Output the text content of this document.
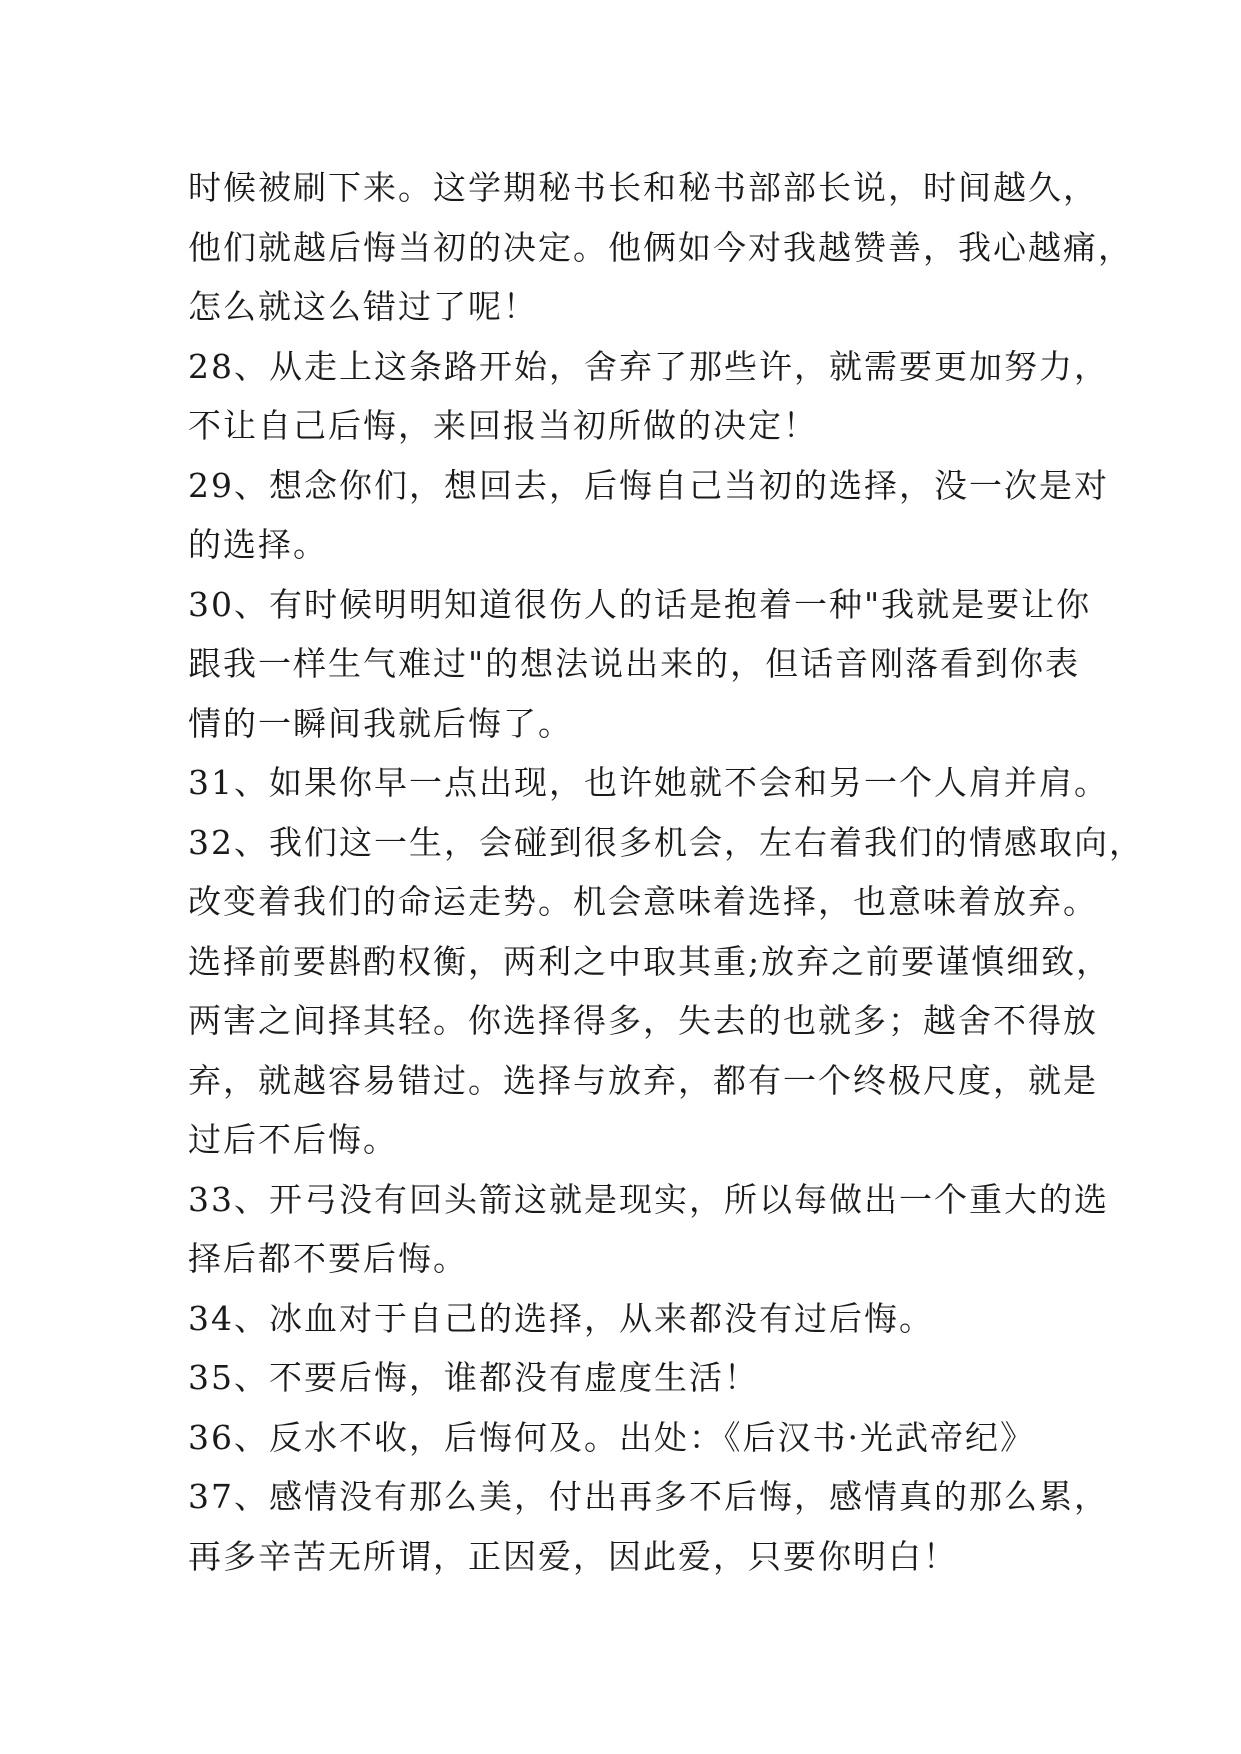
时候被刷下来。这学期秘书长和秘书部部长说，时间越久，
他们就越后悔当初的决定。他俩如今对我越赞善，我心越痛，
怎么就这么错过了呢！
28、从走上这条路开始，舍弃了那些许，就需要更加努力，
不让自己后悔，来回报当初所做的决定！
29、想念你们，想回去，后悔自己当初的选择，没一次是对
的选择。
30、有时候明明知道很伤人的话是抱着一种"我就是要让你
跟我一样生气难过"的想法说出来的，但话音刚落看到你表
情的一瞬间我就后悔了。
31、如果你早一点出现，也许她就不会和另一个人肩并肩。
32、我们这一生，会碰到很多机会，左右着我们的情感取向，
改变着我们的命运走势。机会意味着选择，也意味着放弃。
选择前要斟酌权衡，两利之中取其重;放弃之前要谨慎细致，
两害之间择其轻。你选择得多，失去的也就多；越舍不得放
弃，就越容易错过。选择与放弃，都有一个终极尺度，就是
过后不后悔。
33、开弓没有回头箭这就是现实，所以每做出一个重大的选
择后都不要后悔。
34、冰血对于自己的选择，从来都没有过后悔。
35、不要后悔，谁都没有虚度生活！
36、反水不收，后悔何及。出处：《后汉书·光武帝纪》
37、感情没有那么美，付出再多不后悔，感情真的那么累，
再多辛苦无所谓，正因爱，因此爱，只要你明白！
